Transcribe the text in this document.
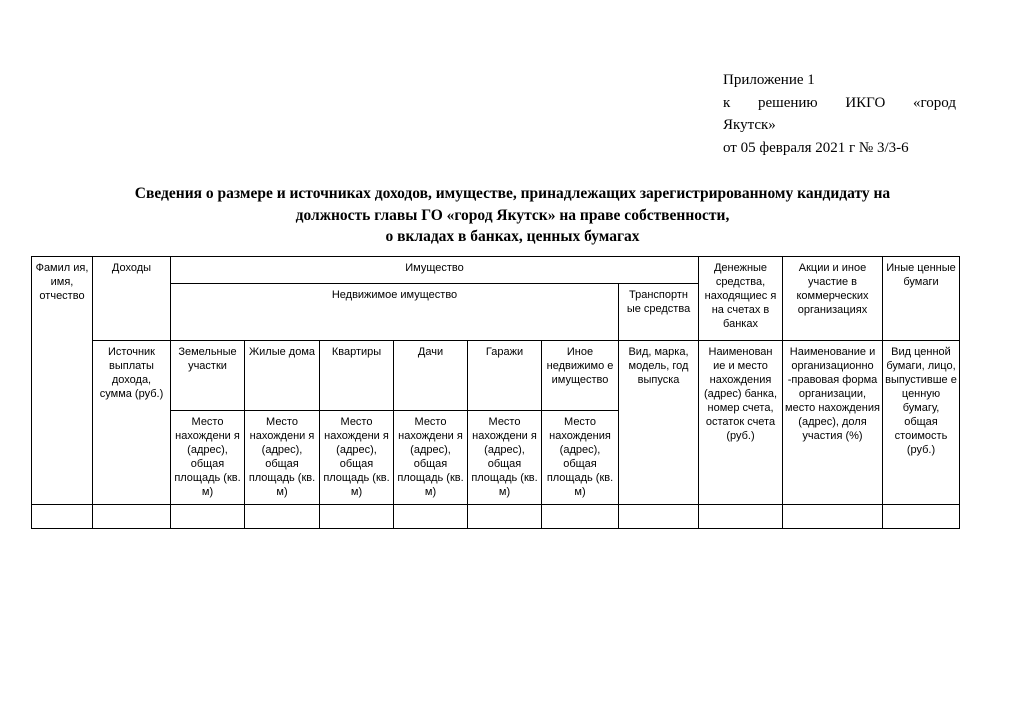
Приложение 1
к решению ИКГО «город
Якутск»
от 05 февраля 2021 г № 3/3-6
Сведения о размере и источниках доходов, имуществе, принадлежащих зарегистрированному кандидату на
должность главы ГО «город Якутск» на праве собственности,
о вкладах в банках, ценных бумагах
Фамил ия, имя, отчество	Доходы	Имущество							Денежные средства, находящиес я на счетах в банках	Акции и иное участие в коммерческих организациях	Иные ценные бумаги
		Недвижимое имущество						Транспортн ые средства			
	Источник выплаты дохода, сумма (руб.)	Земельные участки	Жилые дома	Квартиры	Дачи	Гаражи	Иное недвижимо е имущество	Вид, марка, модель, год выпуска	Наименован ие и место нахождения (адрес) банка, номер счета, остаток счета (руб.)	Наименование и организационно -правовая форма организации, место нахождения (адрес), доля участия (%)	Вид ценной бумаги, лицо, выпустивше е ценную бумагу, общая стоимость (руб.)
		Место нахождени я (адрес), общая площадь (кв. м)	Место нахождени я (адрес), общая площадь (кв. м)	Место нахождени я (адрес), общая площадь (кв. м)	Место нахождени я (адрес), общая площадь (кв. м)	Место нахождени я (адрес), общая площадь (кв. м)	Место нахождения (адрес), общая площадь (кв. м)				
